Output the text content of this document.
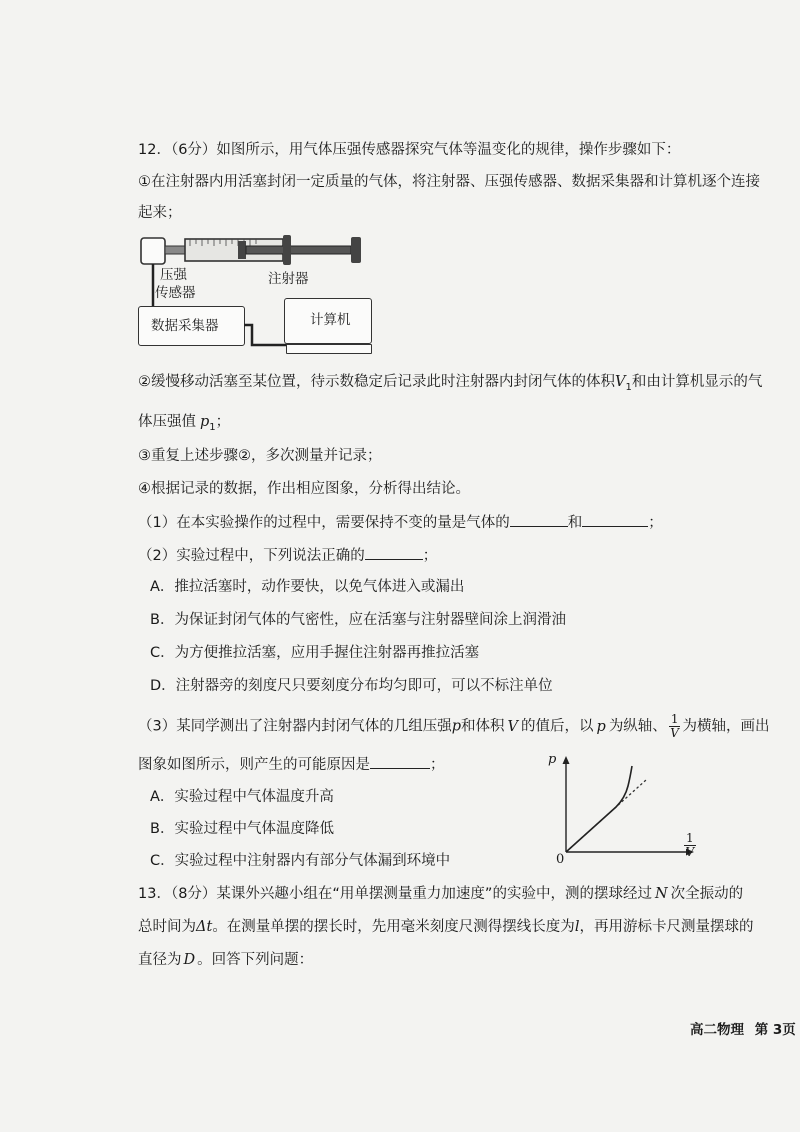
12．（6分）如图所示，用气体压强传感器探究气体等温变化的规律，操作步骤如下：
①在注射器内用活塞封闭一定质量的气体，将注射器、压强传感器、数据采集器和计算机逐个连接
起来；
压强
传感器
注射器
数据采集器	计算机
②缓慢移动活塞至某位置，待示数稳定后记录此时注射器内封闭气体的体积$V_1$和由计算机显示的气
体压强值 $p_1$；
③重复上述步骤②，多次测量并记录；
④根据记录的数据，作出相应图象，分析得出结论。
（1）在本实验操作的过程中，需要保持不变的量是气体的	和	；
（2）实验过程中，下列说法正确的	；
A．推拉活塞时，动作要快，以免气体进入或漏出
B．为保证封闭气体的气密性，应在活塞与注射器壁间涂上润滑油
C．为方便推拉活塞，应用手握住注射器再推拉活塞
D．注射器旁的刻度尺只要刻度分布均匀即可，可以不标注单位
（3）某同学测出了注射器内封闭气体的几组压强p和体积 V 的值后，以 p 为纵轴、 $\frac{1}{V}$ 为横轴，画出
图象如图所示，则产生的可能原因是	；
A．实验过程中气体温度升高
B．实验过程中气体温度降低
C．实验过程中注射器内有部分气体漏到环境中
p
0
$\frac{1}{V}$
13．（8分）某课外兴趣小组在“用单摆测量重力加速度”的实验中，测的摆球经过 N 次全振动的
总时间为Δt。在测量单摆的摆长时，先用毫米刻度尺测得摆线长度为l，再用游标卡尺测量摆球的
直径为 D 。回答下列问题：
高二物理 第 3页
